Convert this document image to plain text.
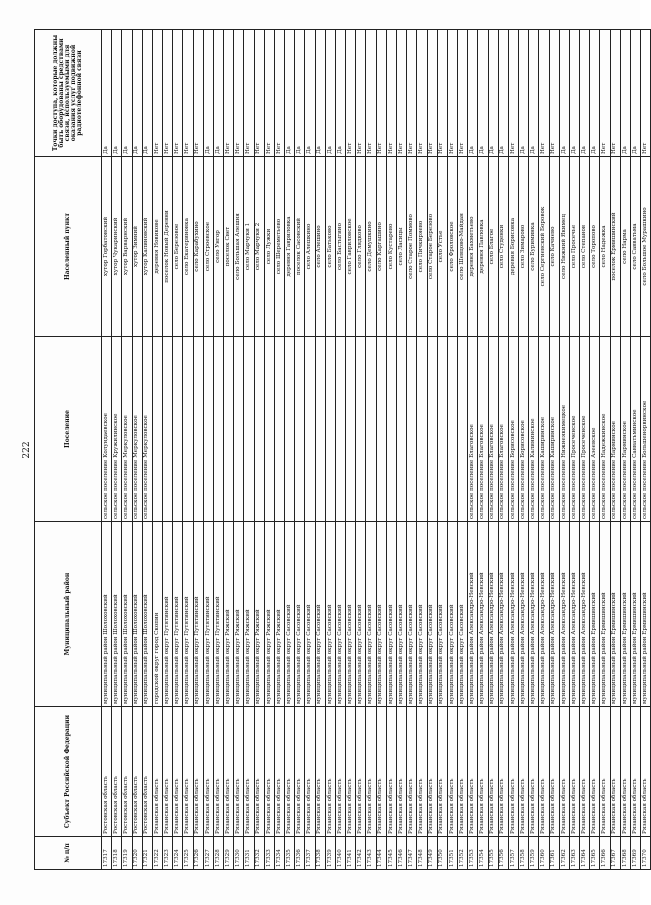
222
№ п/п	Субъект Российской Федерации	Муниципальный район	Поселение	Населенный пункт	Точки доступа, которые должны быть оборудованы средствами связи, используемыми для оказания услуг подвижной радиотелефонной связи
17317	Ростовская область	муниципальный район Шолоховский	сельское поселение Колундаевское	хутор Горбатовский	Да
17318	Ростовская область	муниципальный район Шолоховский	сельское поселение Кружилинское	хутор Чукаринский	Да
17319	Ростовская область	муниципальный район Шолоховский	сельское поселение Меркуловское	хутор Варварнский	Да
17320	Ростовская область	муниципальный район Шолоховский	сельское поселение Меркуловское	хутор Зимний	Да
17321	Ростовская область	муниципальный район Шолоховский	сельское поселение Меркуловское	хутор Калиновский	Да
17322	Рязанская область	городской округ город Скопин		деревня Новикове	Нет
17323	Рязанская область	муниципальный округ Путятинский		поселок Новый Деревни	Нет
17324	Рязанская область	муниципальный округ Путятинский		село Березовое	Нет
17325	Рязанская область	муниципальный округ Путятинский		село Екатериновка	Нет
17326	Рязанская область	муниципальный округ Путятинский		село Карабухино	Нет
17327	Рязанская область	муниципальный округ Путятинский		село Строевское	Да
17328	Рязанская область	муниципальный округ Путятинский		село Унгор	Да
17329	Рязанская область	муниципальный округ Ряжский		поселок Свет	Нет
17330	Рязанская область	муниципальный округ Ряжский		село Большая Алешня	Нет
17331	Рязанская область	муниципальный округ Ряжский		село Марчуки 1	Нет
17332	Рязанская область	муниципальный округ Ряжский		село Марчуки 2	Нет
17333	Рязанская область	муниципальный округ Ряжский		село Лужки	Нет
17334	Рязанская область	муниципальный округ Ряжский		село Шереметьево	Нет
17335	Рязанская область	муниципальный округ Сасовский		деревня Гавриловка	Да
17336	Рязанская область	муниципальный округ Сасовский		поселок Сасовский	Да
17337	Рязанская область	муниципальный округ Сасовский		село Алешкино	Да
17338	Рязанская область	муниципальный округ Сасовский		село Алешино	Да
17339	Рязанская область	муниципальный округ Сасовский		село Батьково	Да
17340	Рязанская область	муниципальный округ Сасовский		село Бастыгино	Да
17341	Рязанская область	муниципальный округ Сасовский		село Гавриловское	Нет
17342	Рязанская область	муниципальный округ Сасовский		село Глядково	Нет
17343	Рязанская область	муниципальный округ Сасовский		село Демушкино	Нет
17344	Рязанская область	муниципальный округ Сасовский		село Каргашино	Нет
17345	Рязанская область	муниципальный округ Сасовский		село Кустарево	Нет
17346	Рязанская область	муниципальный округ Сасовский		село Ласицы	Нет
17347	Рязанская область	муниципальный округ Сасовский		село Старое Поммово	Нет
17348	Рязанская область	муниципальный округ Сасовский		село Пичкиряево	Нет
17349	Рязанская область	муниципальный округ Сасовский		село Старое Березово	Нет
17350	Рязанская область	муниципальный округ Сасовский		село Устье	Нет
17351	Рязанская область	муниципальный округ Сасовский		село Фроловское	Нет
17352	Рязанская область	муниципальный округ Сасовский		село Шевцово-Майдан	Нет
17353	Рязанская область	муниципальный район Александро-Невский	сельское поселение Благовское	деревня Бахметьево	Да
17354	Рязанская область	муниципальный район Александро-Невский	сельское поселение Благовское	деревня Павловка	Да
17355	Рязанская область	муниципальный район Александро-Невский	сельское поселение Благовское	село Благое	Да
17356	Рязанская область	муниципальный район Александро-Невский	сельское поселение Благовское	село Студенки	Да
17357	Рязанская область	муниципальный район Александро-Невский	сельское поселение Борисовское	деревня Борисовка	Нет
17358	Рязанская область	муниципальный район Александро-Невский	сельское поселение Борисовское	село Зимарово	Да
17359	Рязанская область	муниципальный район Александро-Невский	сельское поселение Калининское	село Буриминка	Да
17360	Рязанская область	муниципальный район Александро-Невский	сельское поселение Каширинское	село Сергиевский Боровок	Нет
17361	Рязанская область	муниципальный район Александро-Невский	сельское поселение Каширинское	село Качнево	Нет
17362	Рязанская область	муниципальный район Александро-Невский	сельское поселение Нижнеякимецкое	село Нижний Якимец	Да
17363	Рязанская область	муниципальный район Александро-Невский	сельское поселение Просеченское	село Просечье	Да
17364	Рязанская область	муниципальный район Александро-Невский	сельское поселение Просеченское	село Степанов	Да
17365	Рязанская область	муниципальный район Ермишинский	сельское поселение Азеевское	село Торопово	Да
17366	Рязанская область	муниципальный район Ермишинский	сельское поселение Надежкинское	село Надежка	Нет
17367	Рязанская область	муниципальный район Ермишинский	сельское поселение Нарминское	поселок Ермишинский	Нет
17368	Рязанская область	муниципальный район Ермишинский	сельское поселение Нарминское	село Нарма	Да
17369	Рязанская область	муниципальный район Ермишинский	сельское поселение Савватьминское	село Савватьма	Да
17370	Рязанская область	муниципальный район Ермишинский	сельское поселение Большенорвинское	село Большое Мурашкино	Нет
